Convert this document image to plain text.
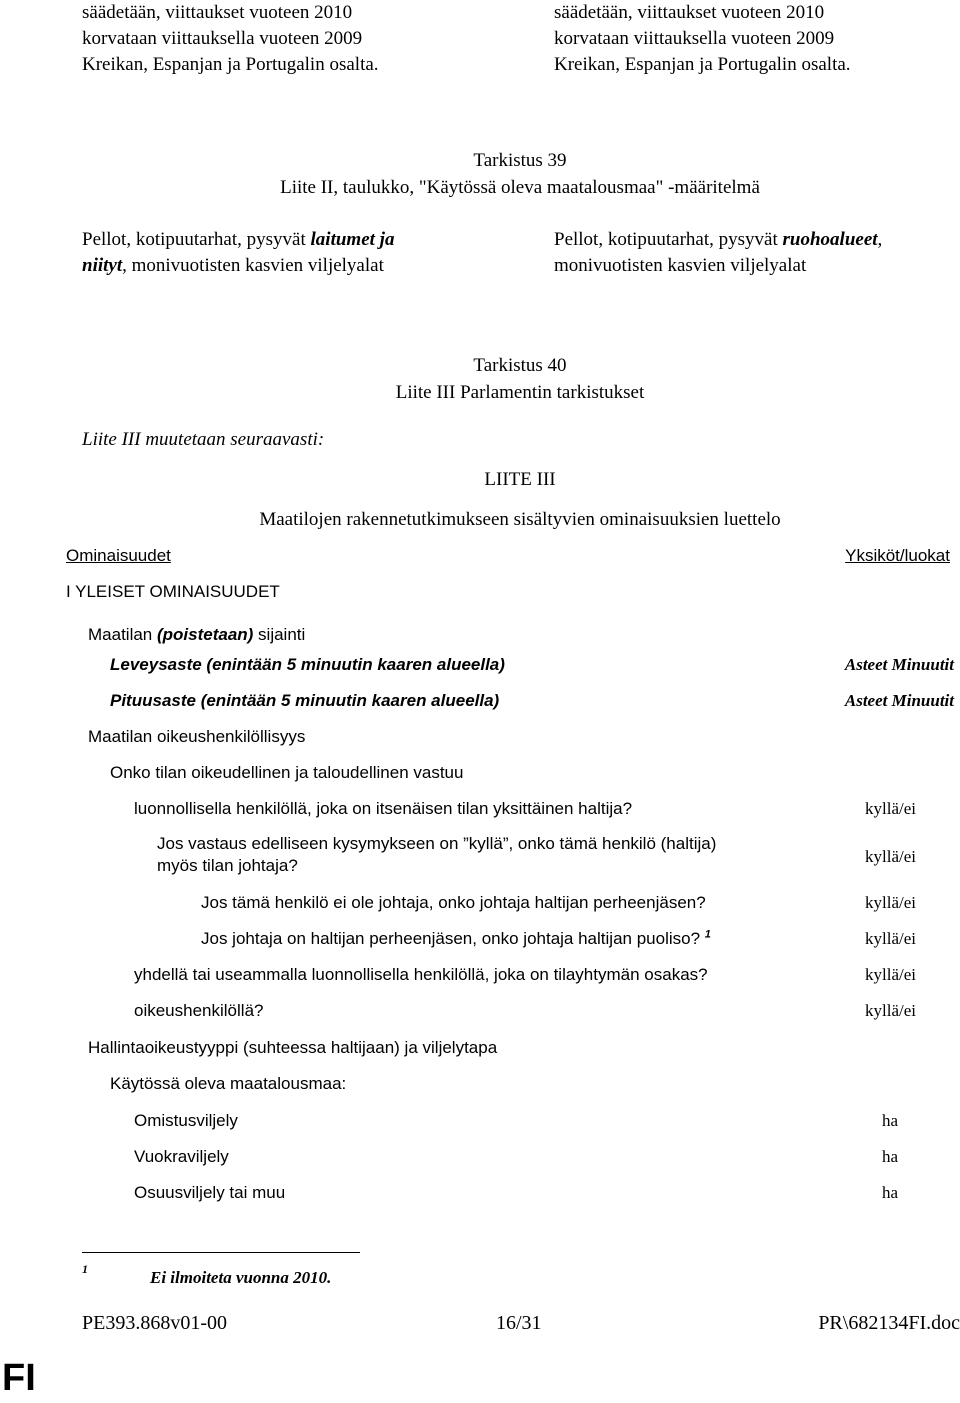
säädetään, viittaukset vuoteen 2010
korvataan viittauksella vuoteen 2009
Kreikan, Espanjan ja Portugalin osalta.
säädetään, viittaukset vuoteen 2010
korvataan viittauksella vuoteen 2009
Kreikan, Espanjan ja Portugalin osalta.
Tarkistus 39
Liite II, taulukko, "Käytössä oleva maatalousmaa" -määritelmä
Pellot, kotipuutarhat, pysyvät laitumet ja
niityt, monivuotisten kasvien viljelyalat
Pellot, kotipuutarhat, pysyvät ruohoalueet,
monivuotisten kasvien viljelyalat
Tarkistus 40
Liite III Parlamentin tarkistukset
Liite III muutetaan seuraavasti:
LIITE III
Maatilojen rakennetutkimukseen sisältyvien ominaisuuksien luettelo
Ominaisuudet	Yksiköt/luokat
I YLEISET OMINAISUUDET
Maatilan (poistetaan) sijainti
Leveysaste (enintään 5 minuutin kaaren alueella)	Asteet Minuutit
Pituusaste (enintään 5 minuutin kaaren alueella)	Asteet Minuutit
Maatilan oikeushenkilöllisyys
Onko tilan oikeudellinen ja taloudellinen vastuu
luonnollisella henkilöllä, joka on itsenäisen tilan yksittäinen haltija?	kyllä/ei
Jos vastaus edelliseen kysymykseen on ”kyllä”, onko tämä henkilö (haltija)
myös tilan johtaja?	kyllä/ei
Jos tämä henkilö ei ole johtaja, onko johtaja haltijan perheenjäsen?	kyllä/ei
Jos johtaja on haltijan perheenjäsen, onko johtaja haltijan puoliso? $^1$	kyllä/ei
yhdellä tai useammalla luonnollisella henkilöllä, joka on tilayhtymän osakas?	kyllä/ei
oikeushenkilöllä?	kyllä/ei
Hallintaoikeustyyppi (suhteessa haltijaan) ja viljelytapa
Käytössä oleva maatalousmaa:
Omistusviljely	ha
Vuokraviljely	ha
Osuusviljely tai muu	ha
1	Ei ilmoiteta vuonna 2010.
PE393.868v01-00	16/31	PR\682134FI.doc
FI
